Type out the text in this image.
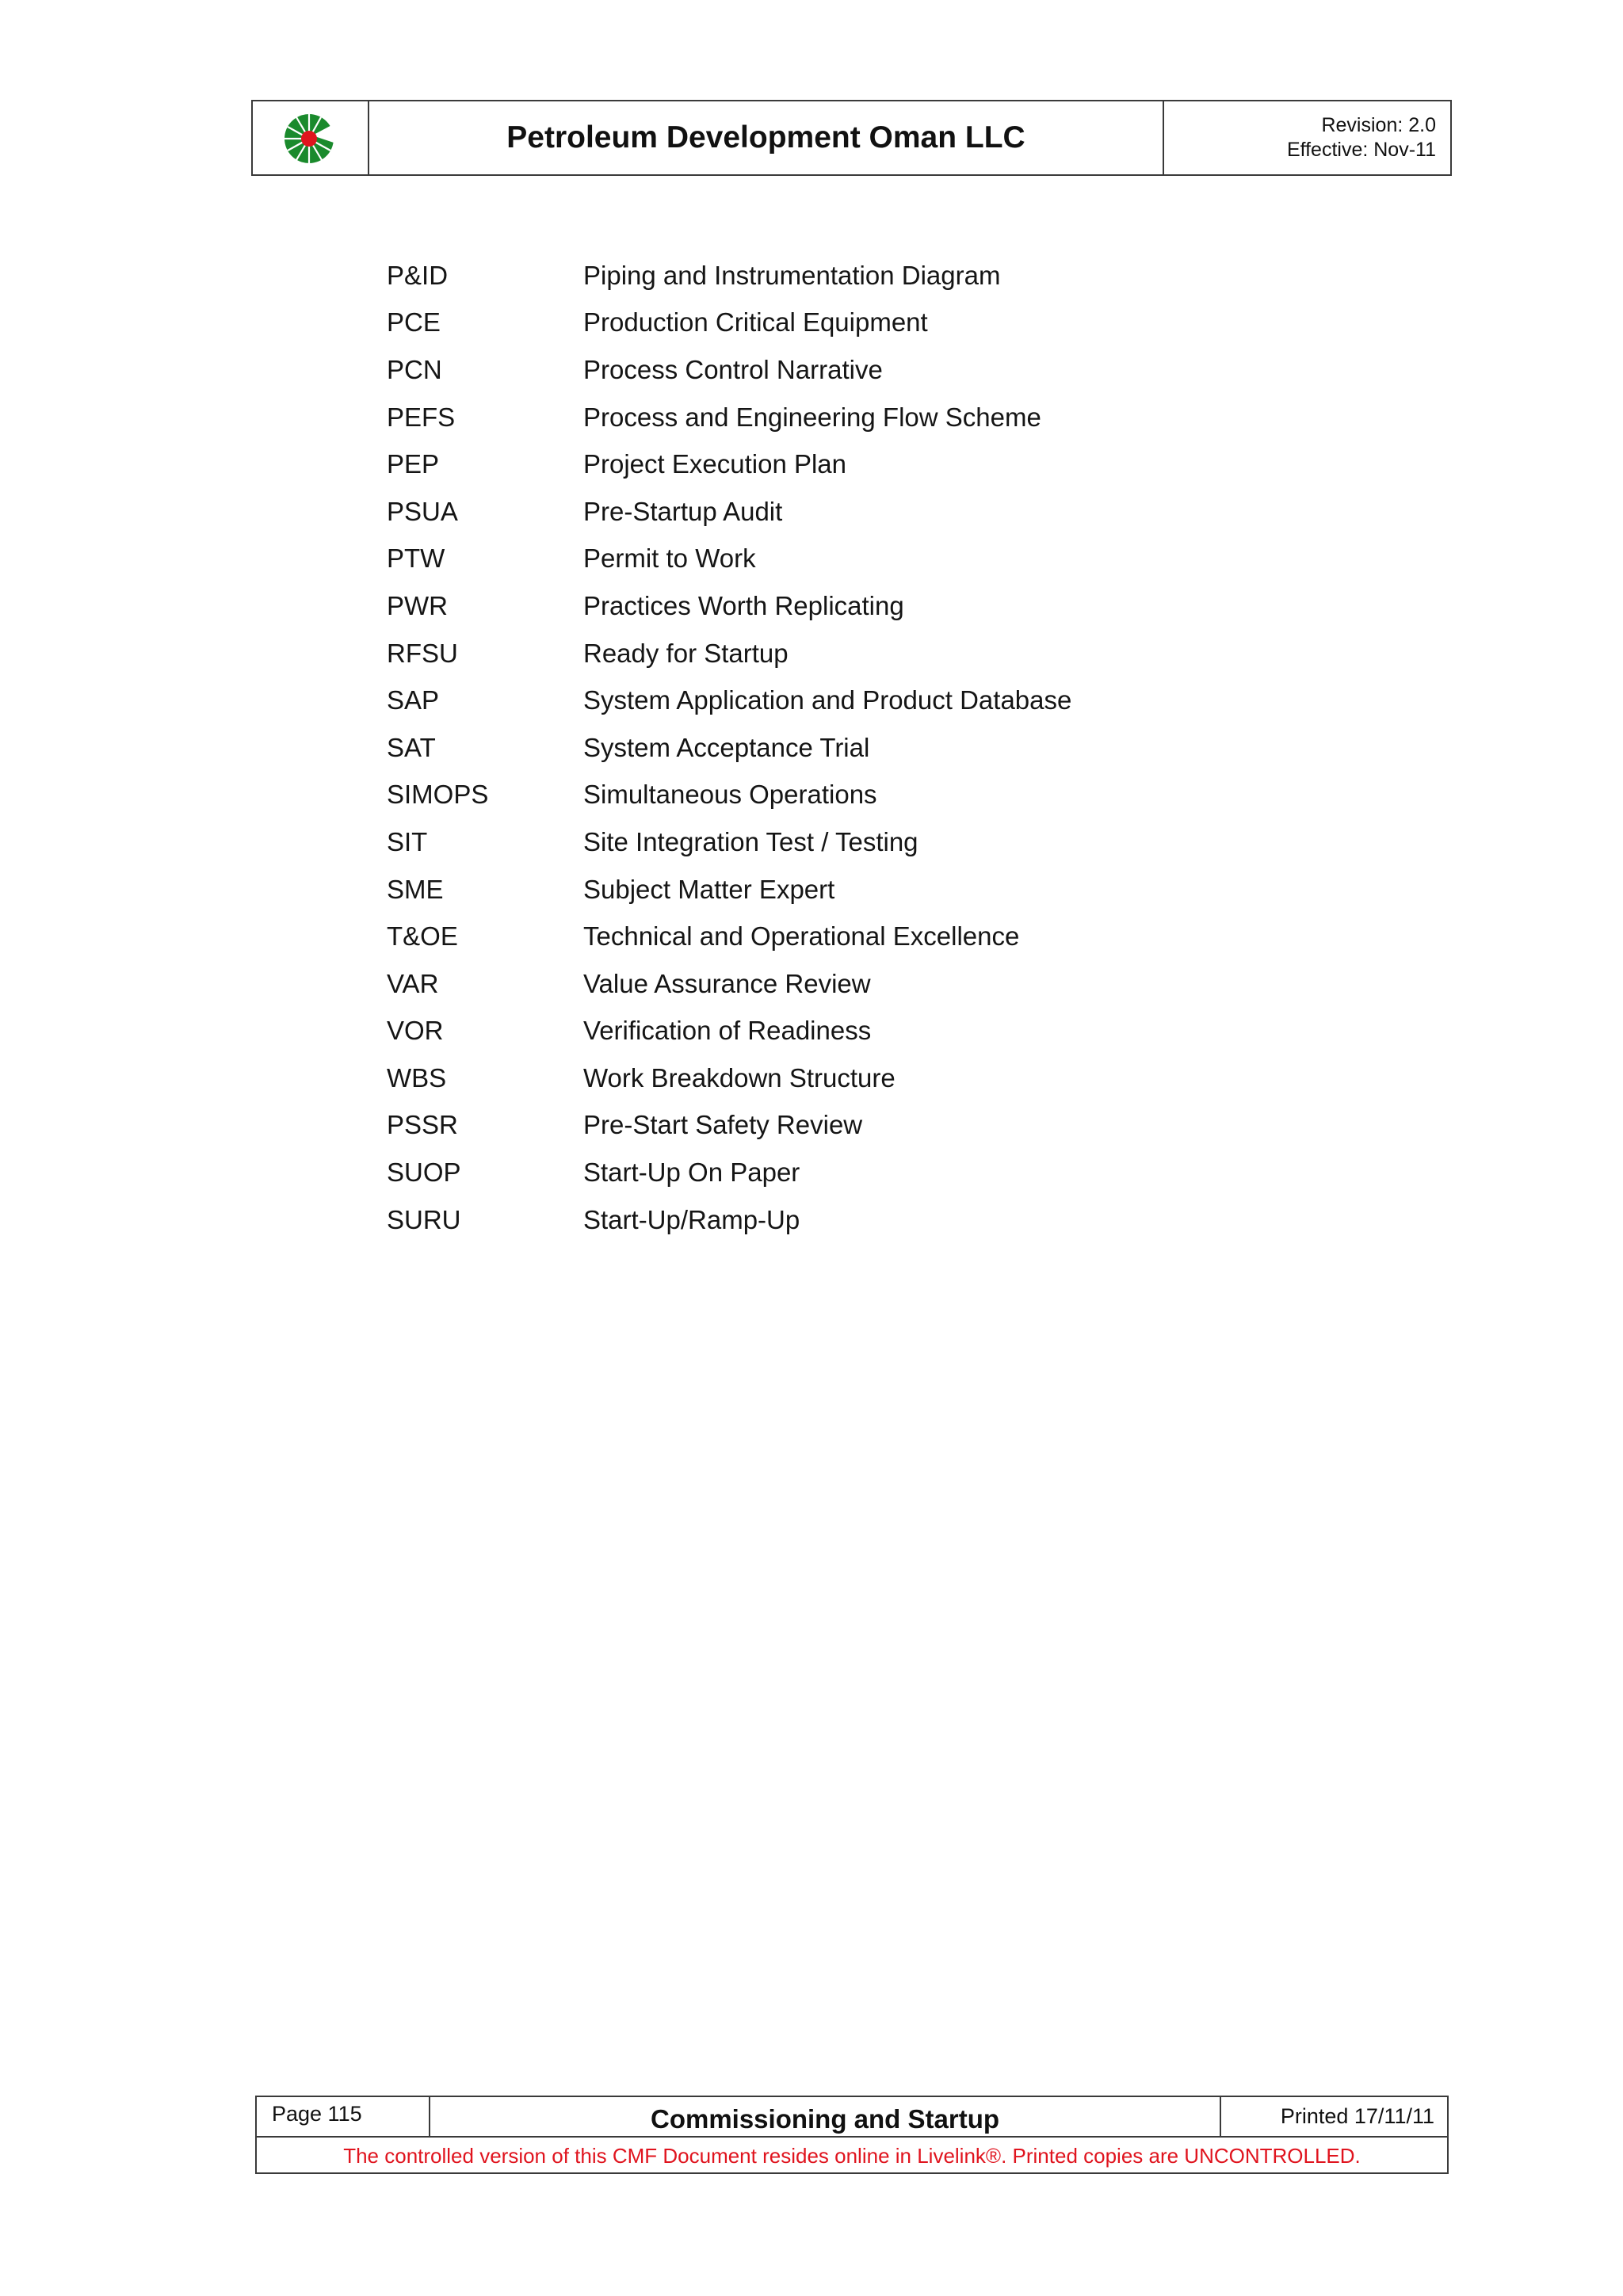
Petroleum Development Oman LLC	Revision: 2.0
Effective: Nov-11
P&ID	Piping and Instrumentation Diagram
PCE	Production Critical Equipment
PCN	Process Control Narrative
PEFS	Process and Engineering Flow Scheme
PEP	Project Execution Plan
PSUA	Pre-Startup Audit
PTW	Permit to Work
PWR	Practices Worth Replicating
RFSU	Ready for Startup
SAP	System Application and Product Database
SAT	System Acceptance Trial
SIMOPS	Simultaneous Operations
SIT	Site Integration Test / Testing
SME	Subject Matter Expert
T&OE	Technical and Operational Excellence
VAR	Value Assurance Review
VOR	Verification of Readiness
WBS	Work Breakdown Structure
PSSR	Pre-Start Safety Review
SUOP	Start-Up On Paper
SURU	Start-Up/Ramp-Up
Page 115	Commissioning and Startup	Printed 17/11/11
The controlled version of this CMF Document resides online in Livelink®. Printed copies are UNCONTROLLED.
